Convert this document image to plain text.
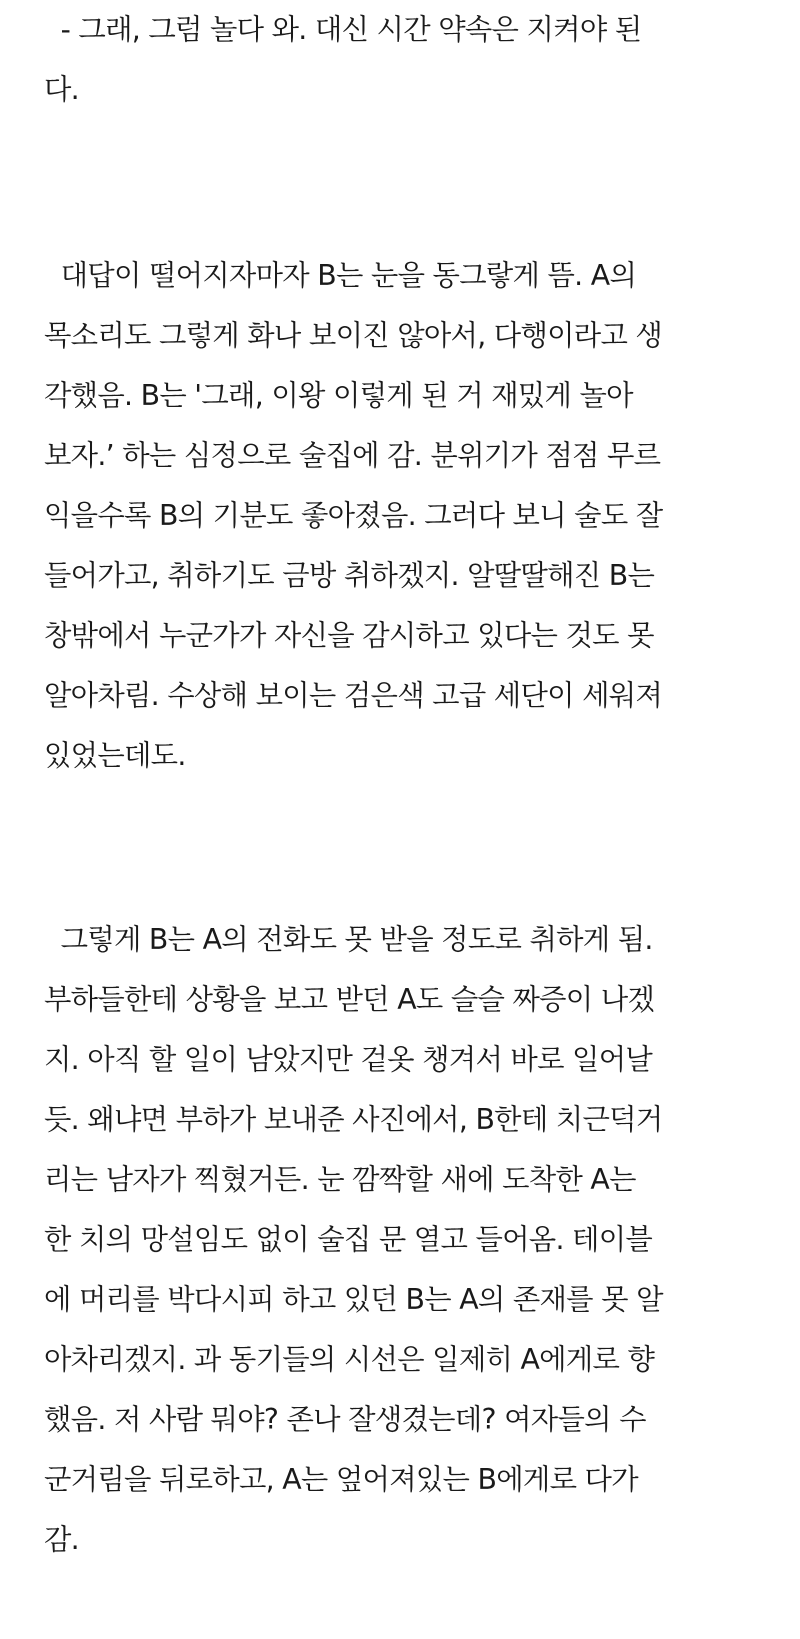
- 그래, 그럼 놀다 와. 대신 시간 약속은 지켜야 된
다.

대답이 떨어지자마자 B는 눈을 동그랗게 뜸. A의
목소리도 그렇게 화나 보이진 않아서, 다행이라고 생
각했음. B는 '그래, 이왕 이렇게 된 거 재밌게 놀아
보자.’ 하는 심정으로 술집에 감. 분위기가 점점 무르
익을수록 B의 기분도 좋아졌음. 그러다 보니 술도 잘
들어가고, 취하기도 금방 취하겠지. 알딸딸해진 B는
창밖에서 누군가가 자신을 감시하고 있다는 것도 못
알아차림. 수상해 보이는 검은색 고급 세단이 세워져
있었는데도.

그렇게 B는 A의 전화도 못 받을 정도로 취하게 됨.
부하들한테 상황을 보고 받던 A도 슬슬 짜증이 나겠
지. 아직 할 일이 남았지만 겉옷 챙겨서 바로 일어날
듯. 왜냐면 부하가 보내준 사진에서, B한테 치근덕거
리는 남자가 찍혔거든. 눈 깜짝할 새에 도착한 A는
한 치의 망설임도 없이 술집 문 열고 들어옴. 테이블
에 머리를 박다시피 하고 있던 B는 A의 존재를 못 알
아차리겠지. 과 동기들의 시선은 일제히 A에게로 향
했음. 저 사람 뭐야? 존나 잘생겼는데? 여자들의 수
군거림을 뒤로하고, A는 엎어져있는 B에게로 다가
감.
